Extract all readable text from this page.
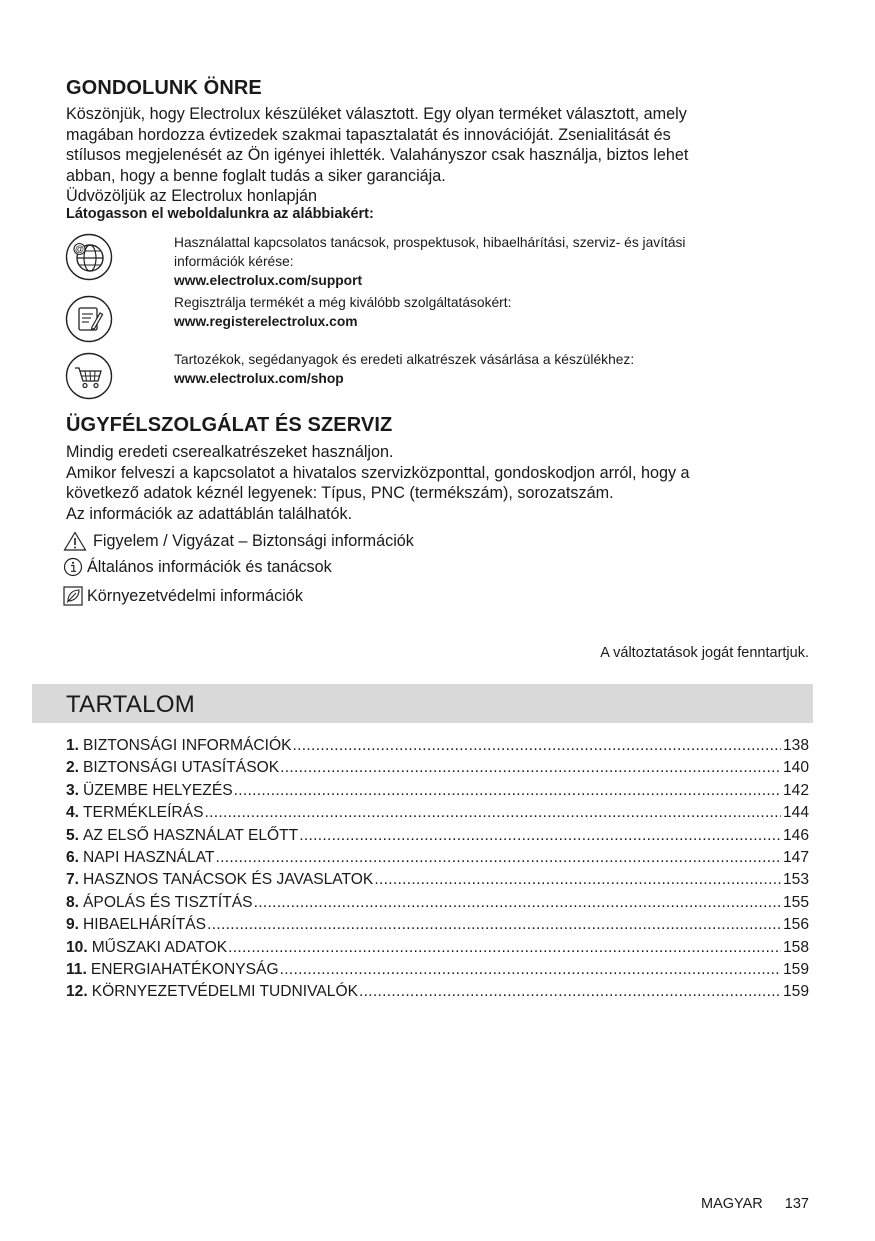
GONDOLUNK ÖNRE
Köszönjük, hogy Electrolux készüléket választott. Egy olyan terméket választott, amely
magában hordozza évtizedek szakmai tapasztalatát és innovációját. Zsenialitását és
stílusos megjelenését az Ön igényei ihlették. Valahányszor csak használja, biztos lehet
abban, hogy a benne foglalt tudás a siker garanciája.
Üdvözöljük az Electrolux honlapján
Látogasson el weboldalunkra az alábbiakért:
@	Használattal kapcsolatos tanácsok, prospektusok, hibaelhárítási, szerviz- és javítási
információk kérése:
www.electrolux.com/support
Regisztrálja termékét a még kiválóbb szolgáltatásokért:
www.registerelectrolux.com
Tartozékok, segédanyagok és eredeti alkatrészek vásárlása a készülékhez:
www.electrolux.com/shop
ÜGYFÉLSZOLGÁLAT ÉS SZERVIZ
Mindig eredeti cserealkatrészeket használjon.
Amikor felveszi a kapcsolatot a hivatalos szervizközponttal, gondoskodjon arról, hogy a
következő adatok kéznél legyenek: Típus, PNC (termékszám), sorozatszám.
Az információk az adattáblán találhatók.
Figyelem / Vigyázat – Biztonsági információk
Általános információk és tanácsok
Környezetvédelmi információk
A változtatások jogát fenntartjuk.
TARTALOM
1. BIZTONSÁGI INFORMÁCIÓK .....	138
2. BIZTONSÁGI UTASÍTÁSOK .....	140
3. ÜZEMBE HELYEZÉS .....	142
4. TERMÉKLEÍRÁS .....	144
5. AZ ELSŐ HASZNÁLAT ELŐTT .....	146
6. NAPI HASZNÁLAT .....	147
7. HASZNOS TANÁCSOK ÉS JAVASLATOK .....	153
8. ÁPOLÁS ÉS TISZTÍTÁS .....	155
9. HIBAELHÁRÍTÁS .....	156
10. MŰSZAKI ADATOK .....	158
11. ENERGIAHATÉKONYSÁG .....	159
12. KÖRNYEZETVÉDELMI TUDNIVALÓK .....	159
MAGYAR 137
